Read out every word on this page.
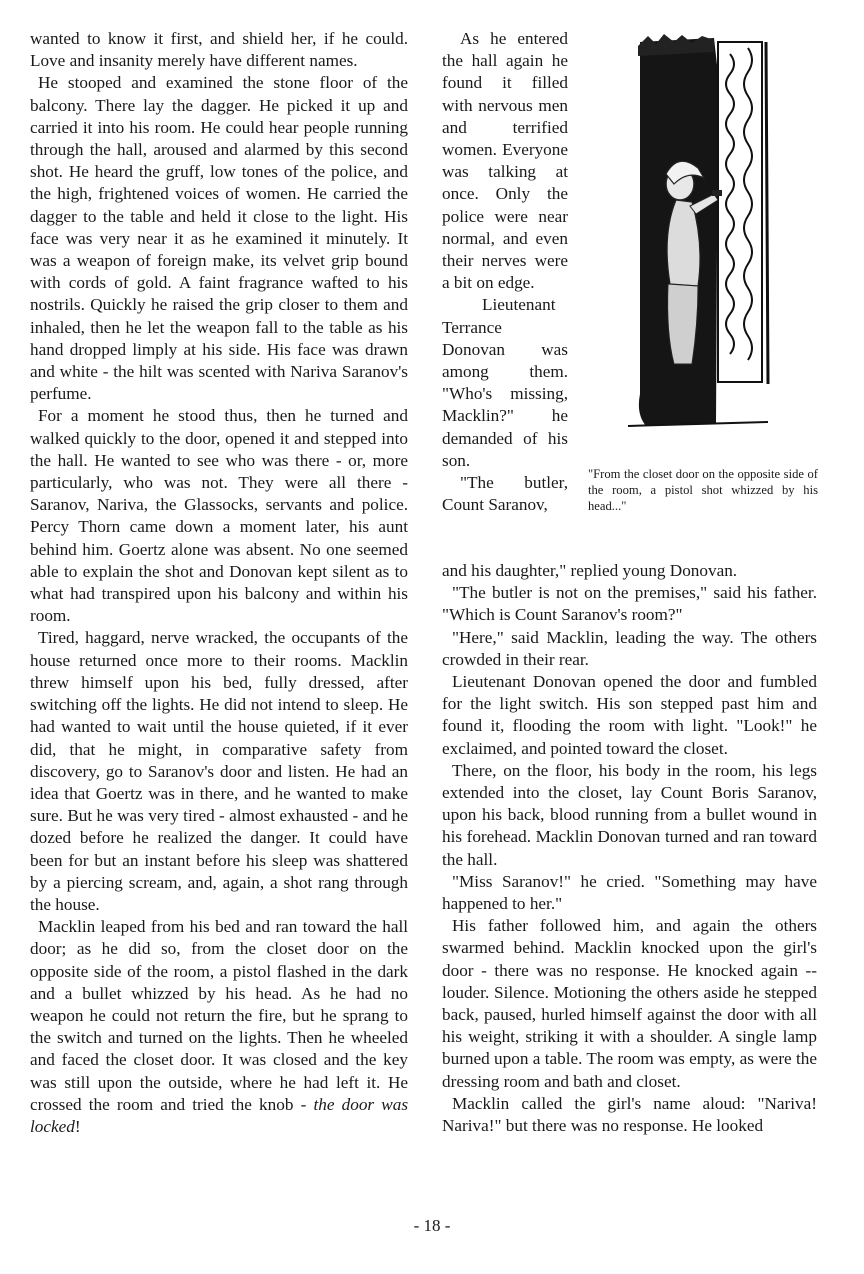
wanted to know it first, and shield her, if he could. Love and insanity merely have different names.

He stooped and examined the stone floor of the balcony. There lay the dagger. He picked it up and carried it into his room. He could hear people running through the hall, aroused and alarmed by this second shot. He heard the gruff, low tones of the police, and the high, frightened voices of women. He carried the dagger to the table and held it close to the light. His face was very near it as he examined it minutely. It was a weapon of foreign make, its velvet grip bound with cords of gold. A faint fragrance wafted to his nostrils. Quickly he raised the grip closer to them and inhaled, then he let the weapon fall to the table as his hand dropped limply at his side. His face was drawn and white - the hilt was scented with Nariva Saranov's perfume.

For a moment he stood thus, then he turned and walked quickly to the door, opened it and stepped into the hall. He wanted to see who was there - or, more particularly, who was not. They were all there - Saranov, Nariva, the Glassocks, servants and police. Percy Thorn came down a moment later, his aunt behind him. Goertz alone was absent. No one seemed able to explain the shot and Donovan kept silent as to what had transpired upon his balcony and within his room.

Tired, haggard, nerve wracked, the occupants of the house returned once more to their rooms. Macklin threw himself upon his bed, fully dressed, after switching off the lights. He did not intend to sleep. He had wanted to wait until the house quieted, if it ever did, that he might, in comparative safety from discovery, go to Saranov's door and listen. He had an idea that Goertz was in there, and he wanted to make sure. But he was very tired - almost exhausted - and he dozed before he realized the danger. It could have been for but an instant before his sleep was shattered by a piercing scream, and, again, a shot rang through the house.

Macklin leaped from his bed and ran toward the hall door; as he did so, from the closet door on the opposite side of the room, a pistol flashed in the dark and a bullet whizzed by his head. As he had no weapon he could not return the fire, but he sprang to the switch and turned on the lights. Then he wheeled and faced the closet door. It was closed and the key was still upon the outside, where he had left it. He crossed the room and tried the knob - the door was locked!

As he entered the hall again he found it filled with nervous men and terrified women. Everyone was talking at once. Only the police were near normal, and even their nerves were a bit on edge.

Lieutenant Terrance Donovan was among them. "Who's missing, Macklin?" he demanded of his son.

"The butler, Count Saranov,

"From the closet door on the opposite side of the room, a pistol shot whizzed by his head..."

and his daughter," replied young Donovan.

"The butler is not on the premises," said his father. "Which is Count Saranov's room?"

"Here," said Macklin, leading the way. The others crowded in their rear.

Lieutenant Donovan opened the door and fumbled for the light switch. His son stepped past him and found it, flooding the room with light. "Look!" he exclaimed, and pointed toward the closet.

There, on the floor, his body in the room, his legs extended into the closet, lay Count Boris Saranov, upon his back, blood running from a bullet wound in his forehead. Macklin Donovan turned and ran toward the hall.

"Miss Saranov!" he cried. "Something may have happened to her."

His father followed him, and again the others swarmed behind. Macklin knocked upon the girl's door - there was no response. He knocked again -- louder. Silence. Motioning the others aside he stepped back, paused, hurled himself against the door with all his weight, striking it with a shoulder. A single lamp burned upon a table. The room was empty, as were the dressing room and bath and closet.

Macklin called the girl's name aloud: "Nariva! Nariva!" but there was no response. He looked

- 18 -
